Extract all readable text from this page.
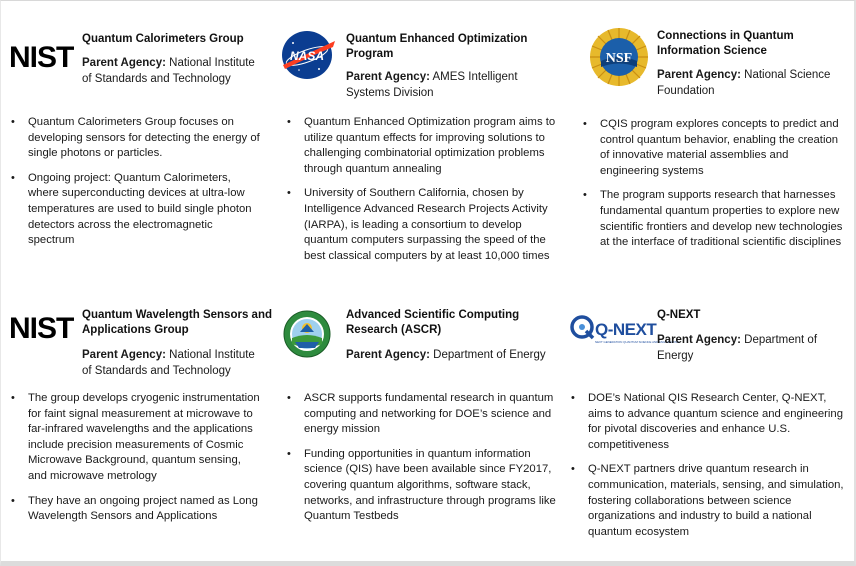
NIST
Quantum Calorimeters Group
Parent Agency: National Institute of Standards and Technology
• Quantum Calorimeters Group focuses on developing sensors for detecting the energy of single photons or particles.
• Ongoing project: Quantum Calorimeters, where superconducting devices at ultra-low temperatures are used to build single photon detectors across the electromagnetic spectrum
NASA
Quantum Enhanced Optimization Program
Parent Agency: AMES Intelligent Systems Division
• Quantum Enhanced Optimization program aims to utilize quantum effects for improving solutions to challenging combinatorial optimization problems through quantum annealing
• University of Southern California, chosen by Intelligence Advanced Research Projects Activity (IARPA), is leading a consortium to develop quantum computers surpassing the speed of the best classical computers by at least 10,000 times
NSF
Connections in Quantum Information Science
Parent Agency: National Science Foundation
• CQIS program explores concepts to predict and control quantum behavior, enabling the creation of innovative material assemblies and engineering systems
• The program supports research that harnesses fundamental quantum properties to explore new scientific frontiers and develop new technologies at the interface of traditional scientific disciplines
NIST Quantum Wavelength Sensors and Applications Group
Parent Agency: National Institute of Standards and Technology
• The group develops cryogenic instrumentation for faint signal measurement at microwave to far-infrared wavelengths and the applications include precision measurements of Cosmic Microwave Background, quantum sensing, and microwave metrology
• They have an ongoing project named as Long Wavelength Sensors and Applications
Advanced Scientific Computing Research (ASCR)
Parent Agency: Department of Energy
• ASCR supports fundamental research in quantum computing and networking for DOE’s science and energy mission
• Funding opportunities in quantum information science (QIS) have been available since FY2017, covering quantum algorithms, software stack, networks, and infrastructure through programs like Quantum Testbeds
Q-NEXT
NEXT GENERATION QUANTUM SCIENCE AND ENGINEERING
Q-NEXT
Parent Agency: Department of Energy
• DOE’s National QIS Research Center, Q-NEXT, aims to advance quantum science and engineering for pivotal discoveries and enhance U.S. competitiveness
• Q-NEXT partners drive quantum research in communication, materials, sensing, and simulation, fostering collaborations between science organizations and industry to build a national quantum ecosystem
